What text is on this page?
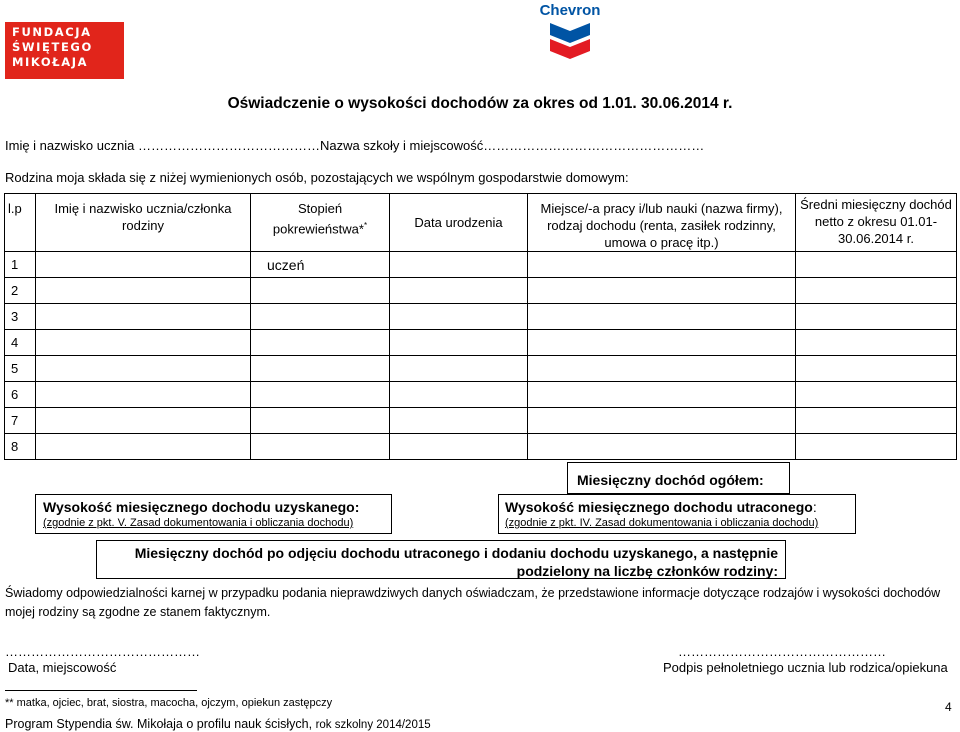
FUNDACJA
ŚWIĘTEGO
MIKOŁAJA
Chevron
Oświadczenie o wysokości dochodów za okres od 1.01. 30.06.2014 r.
Imię i nazwisko ucznia ……………………………………Nazwa szkoły i miejscowość……………………………………………
Rodzina moja składa się z niżej wymienionych osób, pozostających we wspólnym gospodarstwie domowym:
l.p	Imię i nazwisko ucznia/członka rodziny	Stopień pokrewieństwa**	Data urodzenia	Miejsce/-a pracy i/lub nauki (nazwa firmy), rodzaj dochodu (renta, zasiłek rodzinny, umowa o pracę itp.)	Średni miesięczny dochód netto z okresu 01.01-30.06.2014 r.
1		uczeń			
2					
3					
4					
5					
6					
7					
8					
Miesięczny dochód ogółem:
Wysokość miesięcznego dochodu uzyskanego:
(zgodnie z pkt. V. Zasad dokumentowania i obliczania dochodu)
Wysokość miesięcznego dochodu utraconego:
(zgodnie z pkt. IV. Zasad dokumentowania i obliczania dochodu)
Miesięczny dochód po odjęciu dochodu utraconego i dodaniu dochodu uzyskanego, a następnie
podzielony na liczbę członków rodziny:
Świadomy odpowiedzialności karnej w przypadku podania nieprawdziwych danych oświadczam, że przedstawione informacje dotyczące rodzajów i wysokości dochodów mojej rodziny są zgodne ze stanem faktycznym.
………………………………………
Data, miejscowość
…………………………………………
Podpis pełnoletniego ucznia lub rodzica/opiekuna
** matka, ojciec, brat, siostra, macocha, ojczym, opiekun zastępczy
Program Stypendia św. Mikołaja o profilu nauk ścisłych, rok szkolny 2014/2015
4
